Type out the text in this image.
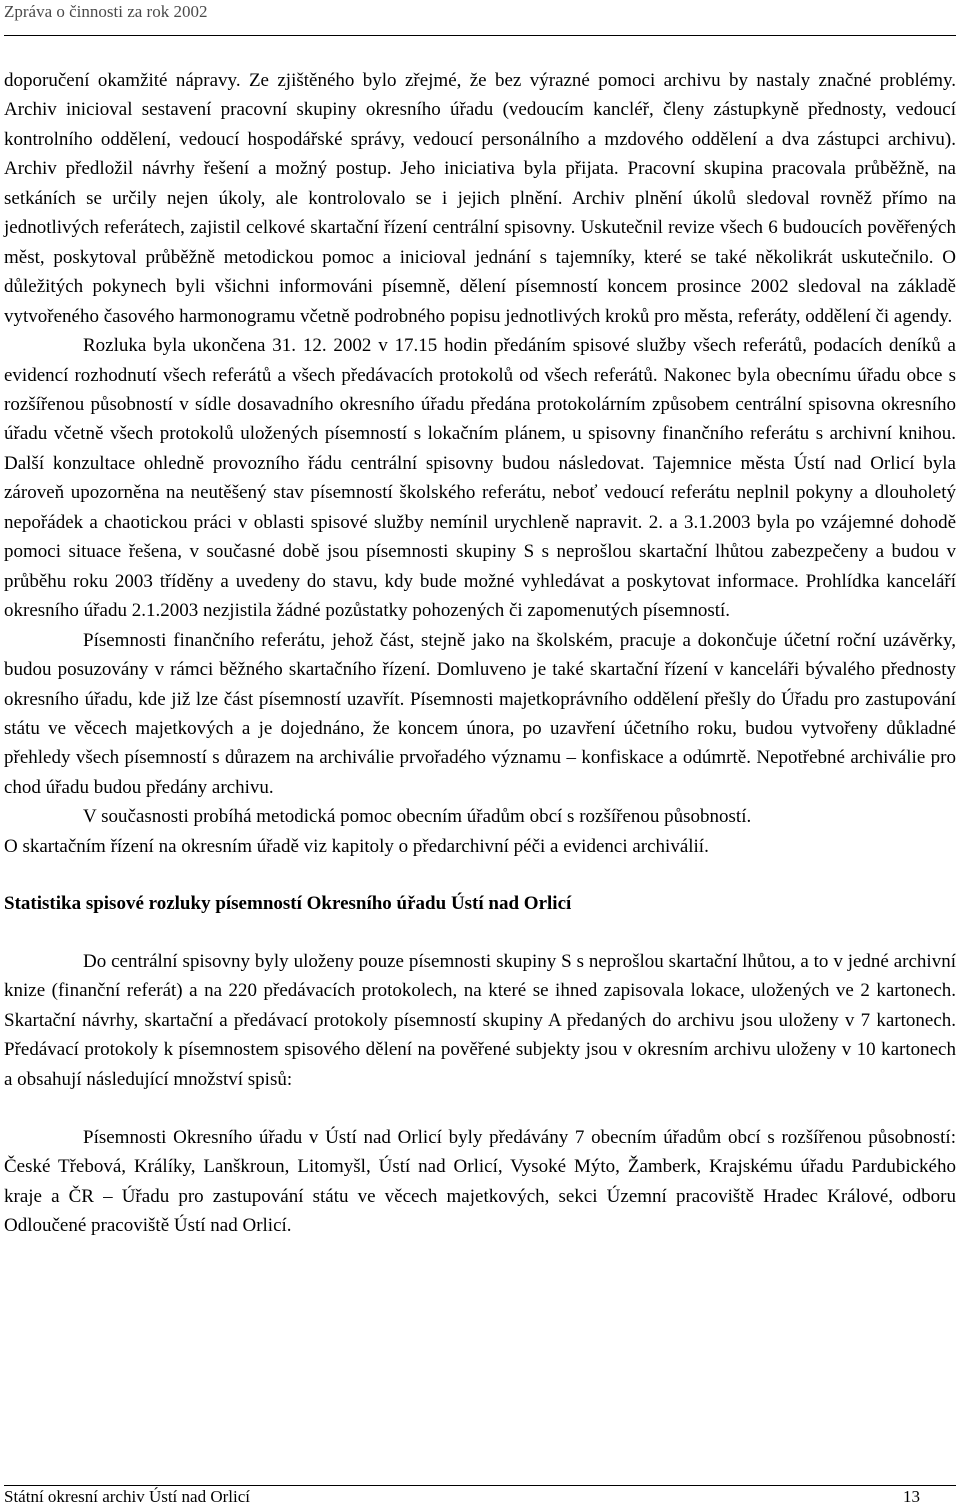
Zpráva o činnosti za rok 2002

doporučení okamžité nápravy. Ze zjištěného bylo zřejmé, že bez výrazné pomoci archivu by nastaly značné problémy. Archiv inicioval sestavení pracovní skupiny okresního úřadu (vedoucím kancléř, členy zástupkyně přednosty, vedoucí kontrolního oddělení, vedoucí hospodářské správy, vedoucí personálního a mzdového oddělení a dva zástupci archivu). Archiv předložil návrhy řešení a možný postup. Jeho iniciativa byla přijata. Pracovní skupina pracovala průběžně, na setkáních se určily nejen úkoly, ale kontrolovalo se i jejich plnění. Archiv plnění úkolů sledoval rovněž přímo na jednotlivých referátech, zajistil celkové skartační řízení centrální spisovny. Uskutečnil revize všech 6 budoucích pověřených měst, poskytoval průběžně metodickou pomoc a inicioval jednání s tajemníky, které se také několikrát uskutečnilo. O důležitých pokynech byli všichni informováni písemně, dělení písemností koncem prosince 2002 sledoval na základě vytvořeného časového harmonogramu včetně podrobného popisu jednotlivých kroků pro města, referáty, oddělení či agendy.

Rozluka byla ukončena 31. 12. 2002 v 17.15 hodin předáním spisové služby všech referátů, podacích deníků a evidencí rozhodnutí všech referátů a všech předávacích protokolů od všech referátů. Nakonec byla obecnímu úřadu obce s rozšířenou působností v sídle dosavadního okresního úřadu předána protokolárním způsobem centrální spisovna okresního úřadu včetně všech protokolů uložených písemností s lokačním plánem, u spisovny finančního referátu s archivní knihou. Další konzultace ohledně provozního řádu centrální spisovny budou následovat. Tajemnice města Ústí nad Orlicí byla zároveň upozorněna na neutěšený stav písemností školského referátu, neboť vedoucí referátu neplnil pokyny a dlouholetý nepořádek a chaotickou práci v oblasti spisové služby nemínil urychleně napravit. 2. a 3.1.2003 byla po vzájemné dohodě pomoci situace řešena, v současné době jsou písemnosti skupiny S s neprošlou skartační lhůtou zabezpečeny a budou v průběhu roku 2003 tříděny a uvedeny do stavu, kdy bude možné vyhledávat a poskytovat informace. Prohlídka kanceláří okresního úřadu 2.1.2003 nezjistila žádné pozůstatky pohozených či zapomenutých písemností.

Písemnosti finančního referátu, jehož část, stejně jako na školském, pracuje a dokončuje účetní roční uzávěrky, budou posuzovány v rámci běžného skartačního řízení. Domluveno je také skartační řízení v kanceláři bývalého přednosty okresního úřadu, kde již lze část písemností uzavřít. Písemnosti majetkoprávního oddělení přešly do Úřadu pro zastupování státu ve věcech majetkových a je dojednáno, že koncem února, po uzavření účetního roku, budou vytvořeny důkladné přehledy všech písemností s důrazem na archiválie prvořadého významu – konfiskace a odúmrtě. Nepotřebné archiválie pro chod úřadu budou předány archivu.

V současnosti probíhá metodická pomoc obecním úřadům obcí s rozšířenou působností.

O skartačním řízení na okresním úřadě viz kapitoly o předarchivní péči a evidenci archiválií.

Statistika spisové rozluky písemností Okresního úřadu Ústí nad Orlicí

Do centrální spisovny byly uloženy pouze písemnosti skupiny S s neprošlou skartační lhůtou, a to v jedné archivní knize (finanční referát) a na 220 předávacích protokolech, na které se ihned zapisovala lokace, uložených ve 2 kartonech. Skartační návrhy, skartační a předávací protokoly písemností skupiny A předaných do archivu jsou uloženy v 7 kartonech. Předávací protokoly k písemnostem spisového dělení na pověřené subjekty jsou v okresním archivu uloženy v 10 kartonech a obsahují následující množství spisů:

Písemnosti Okresního úřadu v Ústí nad Orlicí byly předávány 7 obecním úřadům obcí s rozšířenou působností: České Třebová, Králíky, Lanškroun, Litomyšl, Ústí nad Orlicí, Vysoké Mýto, Žamberk, Krajskému úřadu Pardubického kraje a ČR – Úřadu pro zastupování státu ve věcech majetkových, sekci Územní pracoviště Hradec Králové, odboru Odloučené pracoviště Ústí nad Orlicí.

Státní okresní archiv Ústí nad Orlicí	13
